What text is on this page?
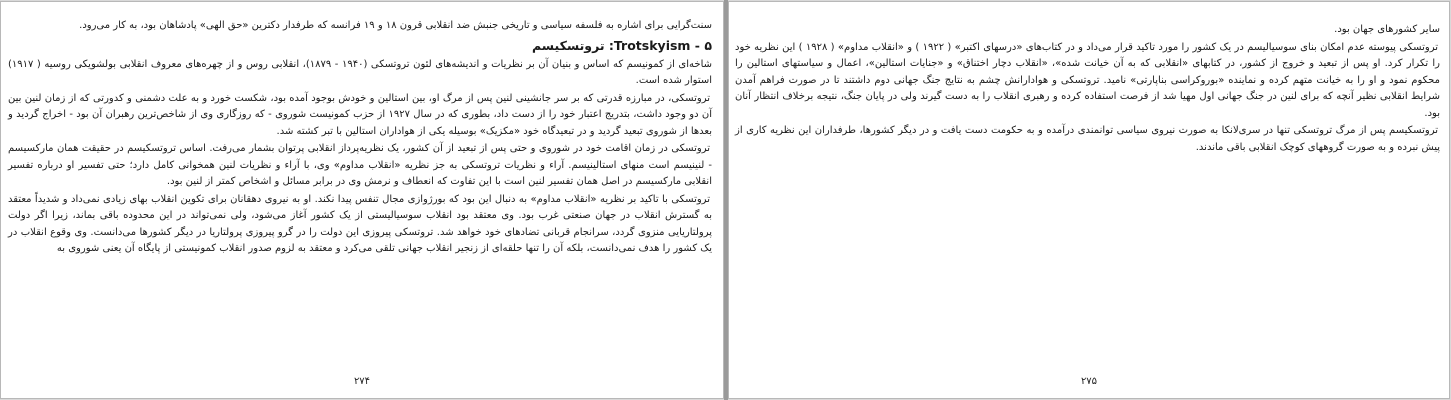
سنت‌گرایی برای اشاره به فلسفه سیاسی و تاریخی جنبش ضد انقلابی قرون ۱۸ و ۱۹ فرانسه که طرفدار دکترین «حق الهی» پادشاهان بود، به کار می‌رود.

۵ - Trotskyism: تروتسکیسم

شاخه‌ای از کمونیسم که اساس و بنیان آن بر نظریات و اندیشه‌های لئون تروتسکی (۱۹۴۰ - ۱۸۷۹)، انقلابی روس و از چهره‌های معروف انقلابی بولشویکی روسیه ( ۱۹۱۷) استوار شده است.

تروتسکی، در مبارزه قدرتی که بر سر جانشینی لنین پس از مرگ او، بین استالین و خودش بوجود آمده بود، شکست خورد و به علت دشمنی و کدورتی که از زمان لنین بین آن دو وجود داشت، بتدریج اعتبار خود را از دست داد، بطوری که در سال ۱۹۲۷ از حزب کمونیست شوروی - که روزگاری وی از شاخص‌ترین رهبران آن بود - اخراج گردید و بعدها از شوروی تبعید گردید و در تبعیدگاه خود «مکزیک» بوسیله یکی از هواداران استالین با تبر کشته شد.

تروتسکی در زمان اقامت خود در شوروی و حتی پس از تبعید از آن کشور، یک نظریه‌پرداز انقلابی پرتوان بشمار می‌رفت. اساس تروتسکیسم در حقیقت همان مارکسیسم - لنینیسم است منهای استالینیسم. آراء و نظریات تروتسکی به جز نظریه «انقلاب مداوم» وی، با آراء و نظریات لنین همخوانی کامل دارد؛ حتی تفسیر او درباره تفسیر انقلابی مارکسیسم در اصل همان تفسیر لنین است با این تفاوت که انعطاف و نرمش وی در برابر مسائل و اشخاص کمتر از لنین بود.

تروتسکی با تاکید بر نظریه «انقلاب مداوم» به دنبال این بود که بورژوازی مجال تنفس پیدا نکند. او به نیروی دهقانان برای تکوین انقلاب بهای زیادی نمی‌داد و شدیداً معتقد به گسترش انقلاب در جهان صنعتی غرب بود. وی معتقد بود انقلاب سوسیالیستی از یک کشور آغاز می‌شود، ولی نمی‌تواند در این محدوده باقی بماند، زیرا اگر دولت پرولتاریایی منزوی گردد، سرانجام قربانی تضادهای خود خواهد شد. تروتسکی پیروزی این دولت را در گرو پیروزی پرولتاریا در دیگر کشورها می‌دانست. وی وقوع انقلاب در یک کشور را هدف نمی‌دانست، بلکه آن را تنها حلقه‌ای از زنجیر انقلاب جهانی تلقی می‌کرد و معتقد به لزوم صدور انقلاب کمونیستی از پایگاه آن یعنی شوروی به

۲۷۴

سایر کشورهای جهان بود.

تروتسکی پیوسته عدم امکان بنای سوسیالیسم در یک کشور را مورد تاکید قرار می‌داد و در کتاب‌های «درسهای اکتبر» ( ۱۹۲۲ ) و «انقلاب مداوم» ( ۱۹۲۸ ) این نظریه خود را تکرار کرد. او پس از تبعید و خروج از کشور، در کتابهای «انقلابی که به آن خیانت شده»، «انقلاب دچار اختناق» و «جنایات استالین»، اعمال و سیاستهای استالین را محکوم نمود و او را به خیانت متهم کرده و نماینده «بوروکراسی بناپارتی» نامید. تروتسکی و هوادارانش چشم به نتایج جنگ جهانی دوم داشتند تا در صورت فراهم آمدن شرایط انقلابی نظیر آنچه که برای لنین در جنگ جهانی اول مهیا شد از فرصت استفاده کرده و رهبری انقلاب را به دست گیرند ولی در پایان جنگ، نتیجه برخلاف انتظار آنان بود.

تروتسکیسم پس از مرگ تروتسکی تنها در سری‌لانکا به صورت نیروی سیاسی توانمندی درآمده و به حکومت دست یافت و در دیگر کشورها، طرفداران این نظریه کاری از پیش نبرده و به صورت گروههای کوچک انقلابی باقی ماندند.

۲۷۵
